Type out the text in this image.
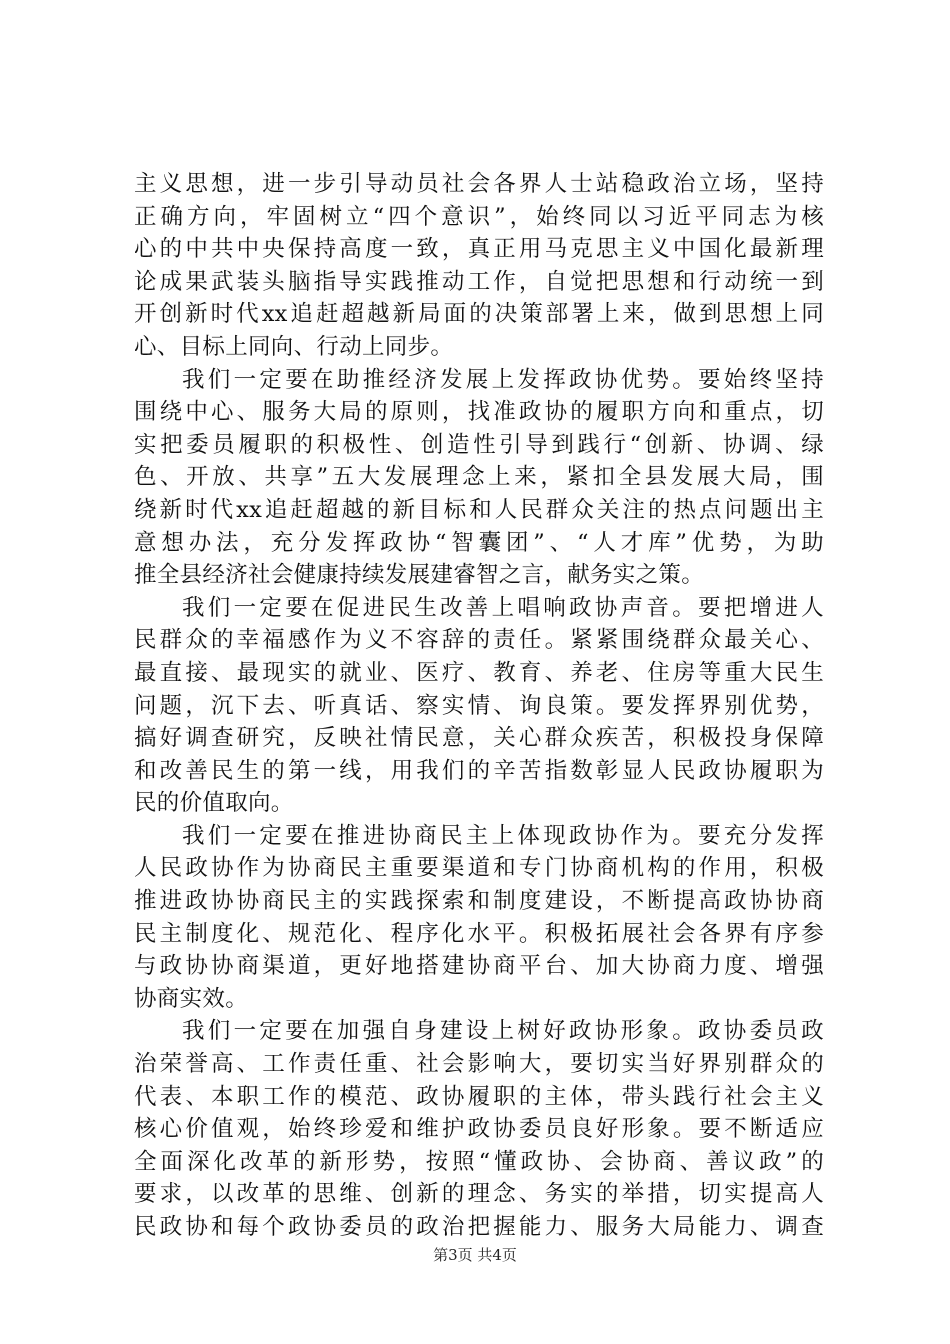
主义思想，进一步引导动员社会各界人士站稳政治立场，坚持
正确方向，牢固树立“四个意识”，始终同以习近平同志为核
心的中共中央保持高度一致，真正用马克思主义中国化最新理
论成果武装头脑指导实践推动工作，自觉把思想和行动统一到
开创新时代xx追赶超越新局面的决策部署上来，做到思想上同
心、目标上同向、行动上同步。
我们一定要在助推经济发展上发挥政协优势。要始终坚持
围绕中心、服务大局的原则，找准政协的履职方向和重点，切
实把委员履职的积极性、创造性引导到践行“创新、协调、绿
色、开放、共享”五大发展理念上来，紧扣全县发展大局，围
绕新时代xx追赶超越的新目标和人民群众关注的热点问题出主
意想办法，充分发挥政协“智囊团”、“人才库”优势，为助
推全县经济社会健康持续发展建睿智之言，献务实之策。
我们一定要在促进民生改善上唱响政协声音。要把增进人
民群众的幸福感作为义不容辞的责任。紧紧围绕群众最关心、
最直接、最现实的就业、医疗、教育、养老、住房等重大民生
问题，沉下去、听真话、察实情、询良策。要发挥界别优势，
搞好调查研究，反映社情民意，关心群众疾苦，积极投身保障
和改善民生的第一线，用我们的辛苦指数彰显人民政协履职为
民的价值取向。
我们一定要在推进协商民主上体现政协作为。要充分发挥
人民政协作为协商民主重要渠道和专门协商机构的作用，积极
推进政协协商民主的实践探索和制度建设，不断提高政协协商
民主制度化、规范化、程序化水平。积极拓展社会各界有序参
与政协协商渠道，更好地搭建协商平台、加大协商力度、增强
协商实效。
我们一定要在加强自身建设上树好政协形象。政协委员政
治荣誉高、工作责任重、社会影响大，要切实当好界别群众的
代表、本职工作的模范、政协履职的主体，带头践行社会主义
核心价值观，始终珍爱和维护政协委员良好形象。要不断适应
全面深化改革的新形势，按照“懂政协、会协商、善议政”的
要求，以改革的思维、创新的理念、务实的举措，切实提高人
民政协和每个政协委员的政治把握能力、服务大局能力、调查
第3页 共4页
